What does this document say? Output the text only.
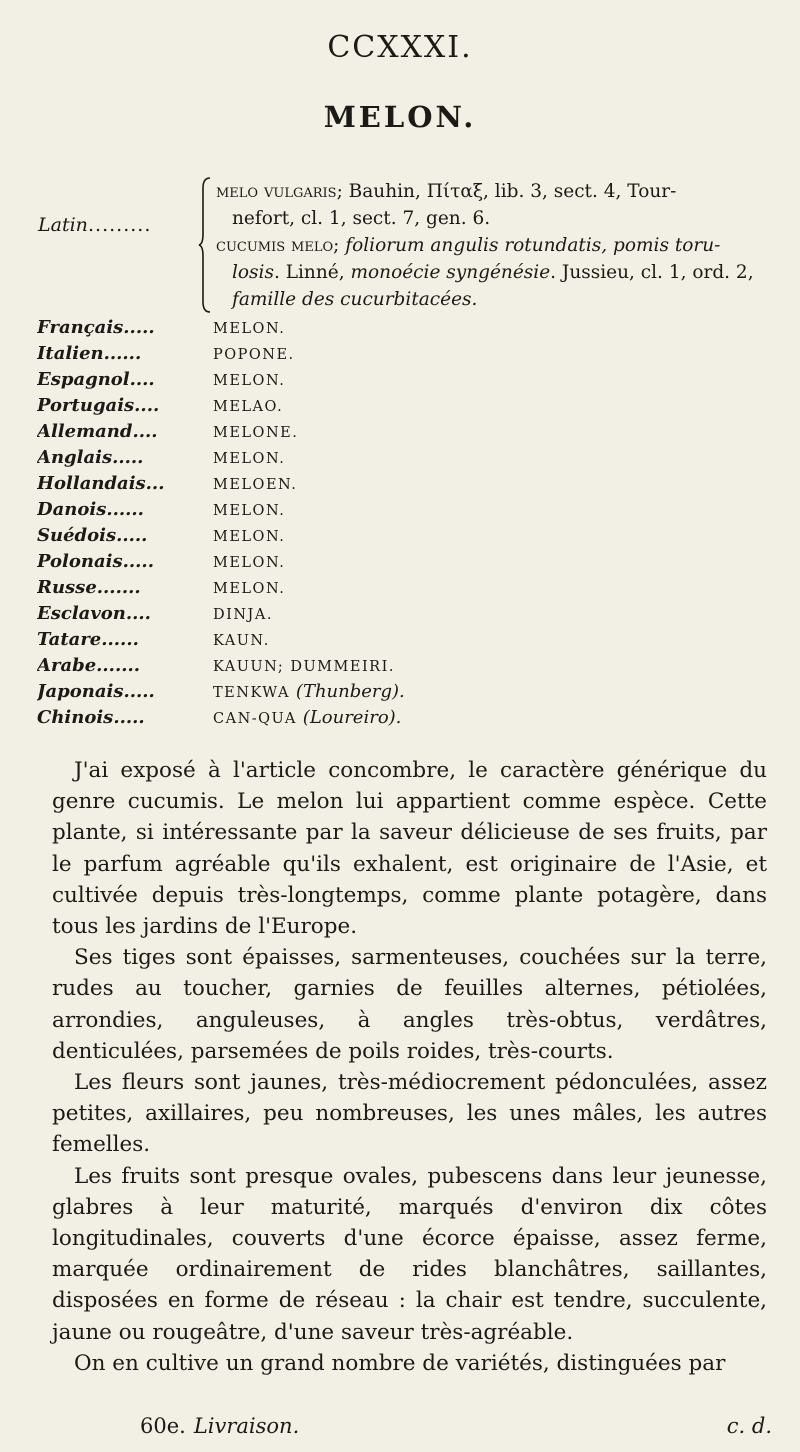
CCXXXI.
MELON.
Latin .........
melo vulgaris; Bauhin, Πίταξ, lib. 3, sect. 4, Tour-
nefort, cl. 1, sect. 7, gen. 6.
cucumis melo; foliorum angulis rotundatis, pomis toru-
losis. Linné, monoécie syngénésie. Jussieu, cl. 1, ord. 2,
famille des cucurbitacées.
Français.....	MELON.
Italien......	POPONE.
Espagnol....	MELON.
Portugais....	MELAO.
Allemand....	MELONE.
Anglais.....	MELON.
Hollandais...	MELOEN.
Danois......	MELON.
Suédois.....	MELON.
Polonais.....	MELON.
Russe.......	MELON.
Esclavon....	DINJA.
Tatare......	KAUN.
Arabe.......	KAUUN; DUMMEIRI.
Japonais.....	TENKWA (Thunberg).
Chinois.....	CAN-QUA (Loureiro).

J'ai exposé à l'article concombre, le caractère générique du genre cucumis. Le melon lui appartient comme espèce. Cette plante, si intéressante par la saveur délicieuse de ses fruits, par le parfum agréable qu'ils exhalent, est originaire de l'Asie, et cultivée depuis très-longtemps, comme plante potagère, dans tous les jardins de l'Europe.

Ses tiges sont épaisses, sarmenteuses, couchées sur la terre, rudes au toucher, garnies de feuilles alternes, pétiolées, arrondies, anguleuses, à angles très-obtus, verdâtres, denticulées, parsemées de poils roides, très-courts.

Les fleurs sont jaunes, très-médiocrement pédonculées, assez petites, axillaires, peu nombreuses, les unes mâles, les autres femelles.

Les fruits sont presque ovales, pubescens dans leur jeunesse, glabres à leur maturité, marqués d'environ dix côtes longitudinales, couverts d'une écorce épaisse, assez ferme, marquée ordinairement de rides blanchâtres, saillantes, disposées en forme de réseau : la chair est tendre, succulente, jaune ou rougeâtre, d'une saveur très-agréable.

On en cultive un grand nombre de variétés, distinguées par

60e. Livraison.	c. d.
